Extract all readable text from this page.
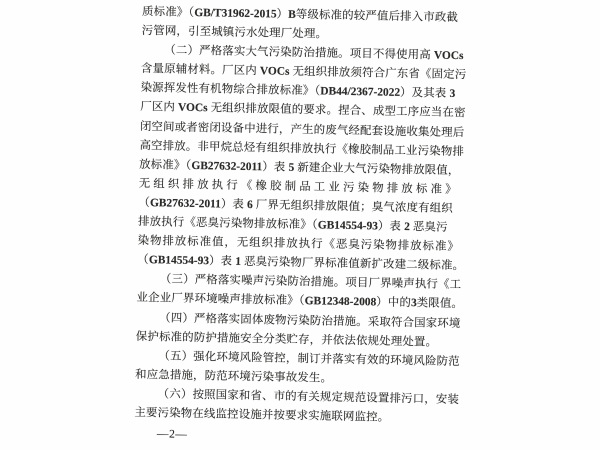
质标准》（GB/T31962-2015）B等级标准的较严值后排入市政截
污管网，引至城镇污水处理厂处理。
（二）严格落实大气污染防治措施。项目不得使用高 VOCs
含量原辅材料。厂区内 VOCs 无组织排放须符合广东省《固定污
染源挥发性有机物综合排放标准》（DB44/2367-2022）及其表 3
厂区内 VOCs 无组织排放限值的要求。捏合、成型工序应当在密
闭空间或者密闭设备中进行，产生的废气经配套设施收集处理后
高空排放。非甲烷总烃有组织排放执行《橡胶制品工业污染物排
放标准》（GB27632-2011）表 5 新建企业大气污染物排放限值，
无组织排放执行《橡胶制品工业污染物排放标准》
（GB27632-2011）表 6 厂界无组织排放限值；臭气浓度有组织
排放执行《恶臭污染物排放标准》（GB14554-93）表 2 恶臭污
染物排放标准值，无组织排放执行《恶臭污染物排放标准》
（GB14554-93）表 1 恶臭污染物厂界标准值新扩改建二级标准。
（三）严格落实噪声污染防治措施。项目厂界噪声执行《工
业企业厂界环境噪声排放标准》（GB12348-2008）中的3类限值。
（四）严格落实固体废物污染防治措施。采取符合国家环境
保护标准的防护措施安全分类贮存，并依法依规处理处置。
（五）强化环境风险管控，制订并落实有效的环境风险防范
和应急措施，防范环境污染事故发生。
（六）按照国家和省、市的有关规定规范设置排污口，安装
主要污染物在线监控设施并按要求实施联网监控。
—2—
